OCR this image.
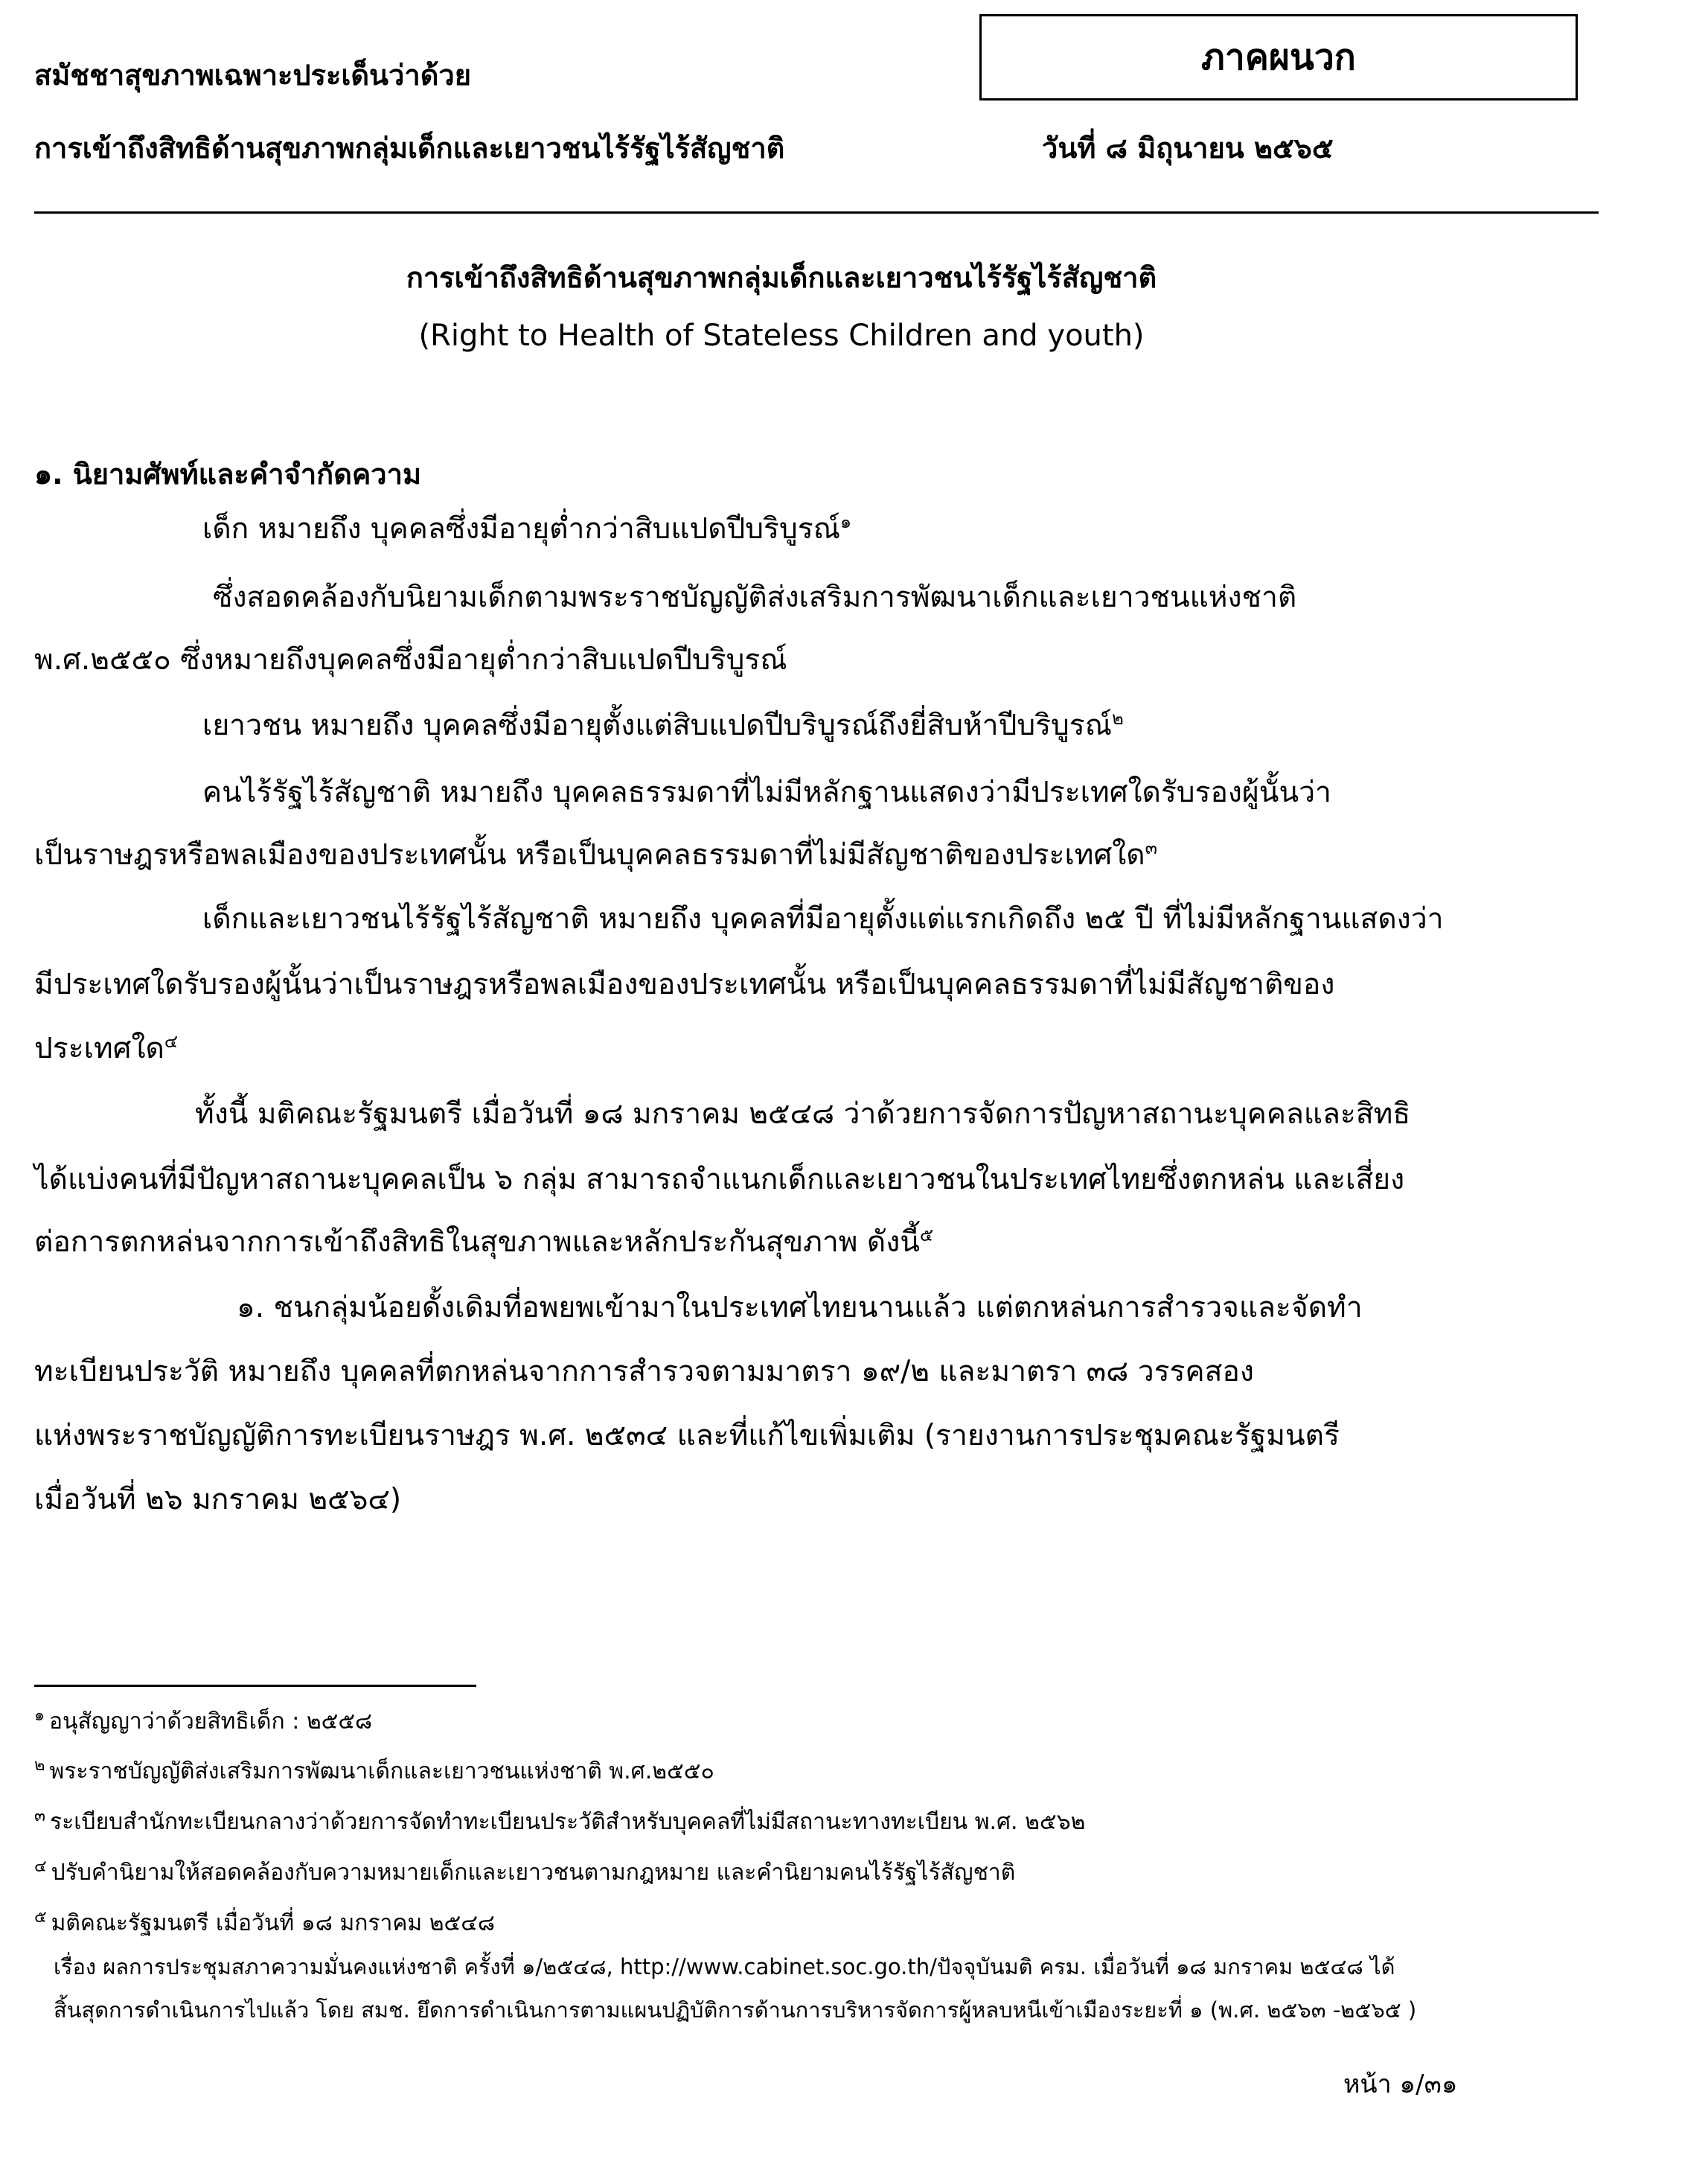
สมัชชาสุขภาพเฉพาะประเด็นว่าด้วย
การเข้าถึงสิทธิด้านสุขภาพกลุ่มเด็กและเยาวชนไร้รัฐไร้สัญชาติ
ภาคผนวก
วันที่ ๘ มิถุนายน ๒๕๖๕
การเข้าถึงสิทธิด้านสุขภาพกลุ่มเด็กและเยาวชนไร้รัฐไร้สัญชาติ
(Right to Health of Stateless Children and youth)
๑. นิยามศัพท์และคำจำกัดความ
เด็ก หมายถึง บุคคลซึ่งมีอายุต่ำกว่าสิบแปดปีบริบูรณ์$^๑$
ซึ่งสอดคล้องกับนิยามเด็กตามพระราชบัญญัติส่งเสริมการพัฒนาเด็กและเยาวชนแห่งชาติ
พ.ศ.๒๕๕๐ ซึ่งหมายถึงบุคคลซึ่งมีอายุต่ำกว่าสิบแปดปีบริบูรณ์
เยาวชน หมายถึง บุคคลซึ่งมีอายุตั้งแต่สิบแปดปีบริบูรณ์ถึงยี่สิบห้าปีบริบูรณ์$^๒$
คนไร้รัฐไร้สัญชาติ หมายถึง บุคคลธรรมดาที่ไม่มีหลักฐานแสดงว่ามีประเทศใดรับรองผู้นั้นว่า
เป็นราษฎรหรือพลเมืองของประเทศนั้น หรือเป็นบุคคลธรรมดาที่ไม่มีสัญชาติของประเทศใด$^๓$
เด็กและเยาวชนไร้รัฐไร้สัญชาติ หมายถึง บุคคลที่มีอายุตั้งแต่แรกเกิดถึง ๒๕ ปี ที่ไม่มีหลักฐานแสดงว่า
มีประเทศใดรับรองผู้นั้นว่าเป็นราษฎรหรือพลเมืองของประเทศนั้น หรือเป็นบุคคลธรรมดาที่ไม่มีสัญชาติของ
ประเทศใด$^๔$
ทั้งนี้ มติคณะรัฐมนตรี เมื่อวันที่ ๑๘ มกราคม ๒๕๔๘ ว่าด้วยการจัดการปัญหาสถานะบุคคลและสิทธิ
ได้แบ่งคนที่มีปัญหาสถานะบุคคลเป็น ๖ กลุ่ม สามารถจำแนกเด็กและเยาวชนในประเทศไทยซึ่งตกหล่น และเสี่ยง
ต่อการตกหล่นจากการเข้าถึงสิทธิในสุขภาพและหลักประกันสุขภาพ ดังนี้$^๕$
๑. ชนกลุ่มน้อยดั้งเดิมที่อพยพเข้ามาในประเทศไทยนานแล้ว แต่ตกหล่นการสำรวจและจัดทำ
ทะเบียนประวัติ หมายถึง บุคคลที่ตกหล่นจากการสำรวจตามมาตรา ๑๙/๒ และมาตรา ๓๘ วรรคสอง
แห่งพระราชบัญญัติการทะเบียนราษฎร พ.ศ. ๒๕๓๔ และที่แก้ไขเพิ่มเติม (รายงานการประชุมคณะรัฐมนตรี
เมื่อวันที่ ๒๖ มกราคม ๒๕๖๔)
$^๑$ อนุสัญญาว่าด้วยสิทธิเด็ก : ๒๕๕๘
$^๒$ พระราชบัญญัติส่งเสริมการพัฒนาเด็กและเยาวชนแห่งชาติ พ.ศ.๒๕๕๐
$^๓$ ระเบียบสำนักทะเบียนกลางว่าด้วยการจัดทำทะเบียนประวัติสำหรับบุคคลที่ไม่มีสถานะทางทะเบียน พ.ศ. ๒๕๖๒
$^๔$ ปรับคำนิยามให้สอดคล้องกับความหมายเด็กและเยาวชนตามกฎหมาย และคำนิยามคนไร้รัฐไร้สัญชาติ
$^๕$ มติคณะรัฐมนตรี เมื่อวันที่ ๑๘ มกราคม ๒๕๔๘
เรื่อง ผลการประชุมสภาความมั่นคงแห่งชาติ ครั้งที่ ๑/๒๕๔๘, http://www.cabinet.soc.go.th/ปัจจุบันมติ ครม. เมื่อวันที่ ๑๘ มกราคม ๒๕๔๘ ได้
สิ้นสุดการดำเนินการไปแล้ว โดย สมช. ยึดการดำเนินการตามแผนปฏิบัติการด้านการบริหารจัดการผู้หลบหนีเข้าเมืองระยะที่ ๑ (พ.ศ. ๒๕๖๓ -๒๕๖๕ )
หน้า ๑/๓๑
